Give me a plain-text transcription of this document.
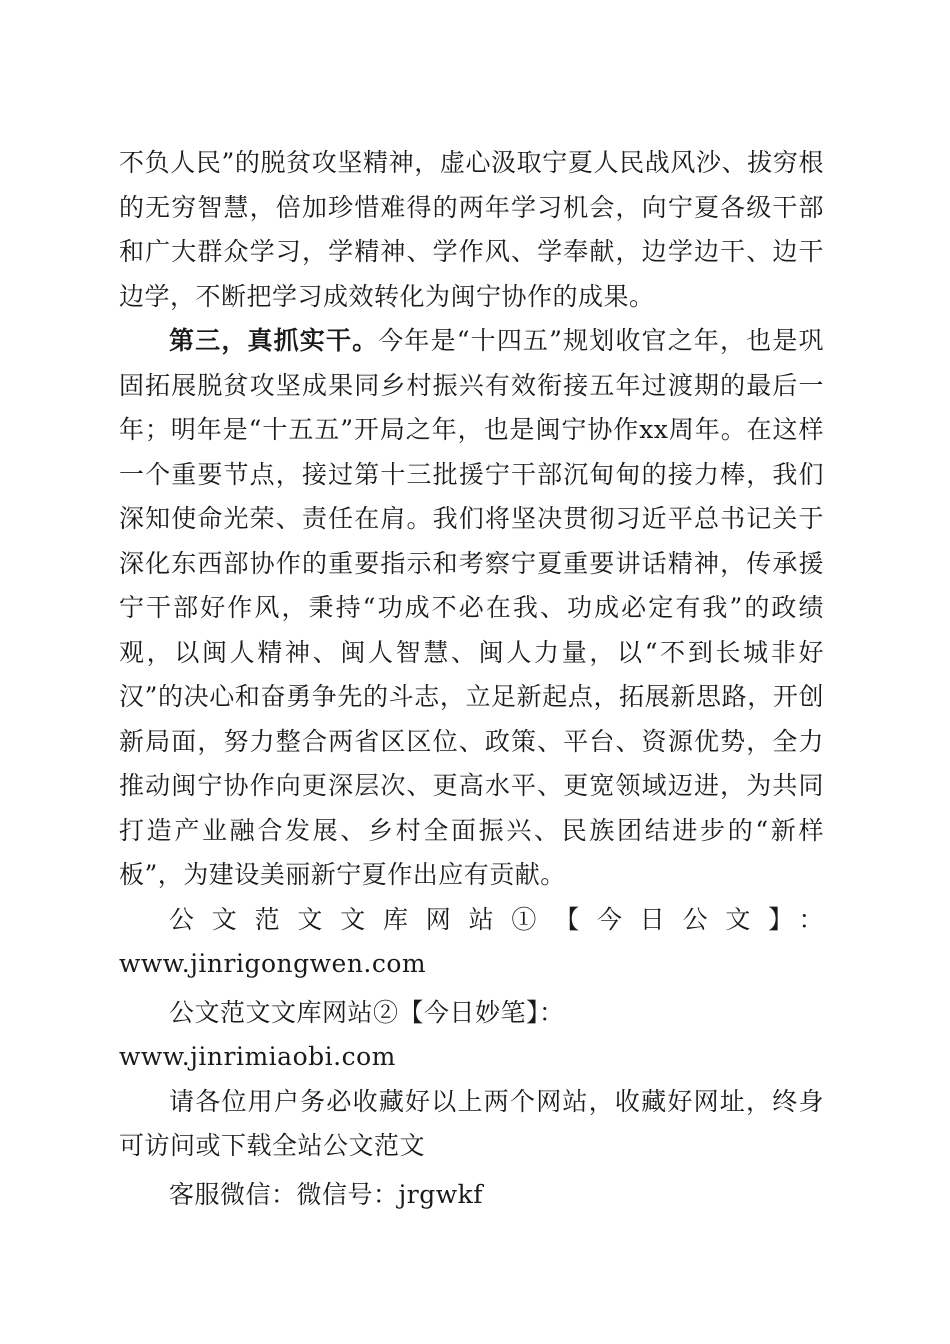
不负人民”的脱贫攻坚精神，虚心汲取宁夏人民战风沙、拔穷根的无穷智慧，倍加珍惜难得的两年学习机会，向宁夏各级干部和广大群众学习，学精神、学作风、学奉献，边学边干、边干边学，不断把学习成效转化为闽宁协作的成果。

第三，真抓实干。今年是“十四五”规划收官之年，也是巩固拓展脱贫攻坚成果同乡村振兴有效衔接五年过渡期的最后一年；明年是“十五五”开局之年，也是闽宁协作xx周年。在这样一个重要节点，接过第十三批援宁干部沉甸甸的接力棒，我们深知使命光荣、责任在肩。我们将坚决贯彻习近平总书记关于深化东西部协作的重要指示和考察宁夏重要讲话精神，传承援宁干部好作风，秉持“功成不必在我、功成必定有我”的政绩观，以闽人精神、闽人智慧、闽人力量，以“不到长城非好汉”的决心和奋勇争先的斗志，立足新起点，拓展新思路，开创新局面，努力整合两省区区位、政策、平台、资源优势，全力推动闽宁协作向更深层次、更高水平、更宽领域迈进，为共同打造产业融合发展、乡村全面振兴、民族团结进步的“新样板”，为建设美丽新宁夏作出应有贡献。

公文范文文库网站①【今日公文】：

www.jinrigongwen.com

公文范文文库网站②【今日妙笔】：www.jinrimiaobi.com

请各位用户务必收藏好以上两个网站，收藏好网址，终身可访问或下载全站公文范文

客服微信：微信号：jrgwkf
